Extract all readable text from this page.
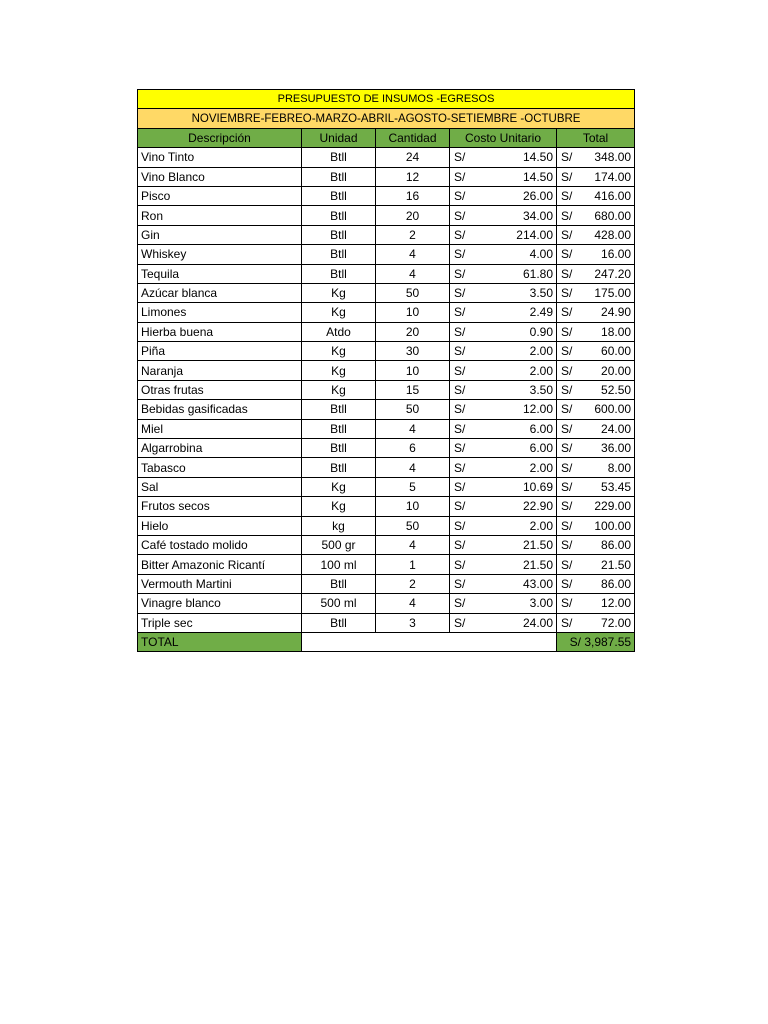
PRESUPUESTO DE INSUMOS -EGRESOS				
NOVIEMBRE-FEBREO-MARZO-ABRIL-AGOSTO-SETIEMBRE -OCTUBRE				
Descripción	Unidad	Cantidad	Costo Unitario	Total
Vino Tinto	Btll	24	S/ 14.50	S/ 348.00

Vino Blanco	Btll	12	S/ 14.50	S/ 174.00

Pisco	Btll	16	S/ 26.00	S/ 416.00

Ron	Btll	20	S/ 34.00	S/ 680.00

Gin	Btll	2	S/ 214.00	S/ 428.00

Whiskey	Btll	4	S/ 4.00	S/ 16.00

Tequila	Btll	4	S/ 61.80	S/ 247.20

Azúcar blanca	Kg	50	S/ 3.50	S/ 175.00

Limones	Kg	10	S/ 2.49	S/ 24.90

Hierba buena	Atdo	20	S/ 0.90	S/ 18.00

Piña	Kg	30	S/ 2.00	S/ 60.00

Naranja	Kg	10	S/ 2.00	S/ 20.00

Otras frutas	Kg	15	S/ 3.50	S/ 52.50

Bebidas gasificadas	Btll	50	S/ 12.00	S/ 600.00

Miel	Btll	4	S/ 6.00	S/ 24.00

Algarrobina	Btll	6	S/ 6.00	S/ 36.00

Tabasco	Btll	4	S/ 2.00	S/ 8.00

Sal	Kg	5	S/ 10.69	S/ 53.45

Frutos secos	Kg	10	S/ 22.90	S/ 229.00

Hielo	kg	50	S/ 2.00	S/ 100.00

Café tostado molido	500 gr	4	S/ 21.50	S/ 86.00

Bitter Amazonic Ricantí	100 ml	1	S/ 21.50	S/ 21.50

Vermouth Martini	Btll	2	S/ 43.00	S/ 86.00

Vinagre blanco	500 ml	4	S/ 3.00	S/ 12.00

Triple sec	Btll	3	S/ 24.00	S/ 72.00

TOTAL				S/ 3,987.55
